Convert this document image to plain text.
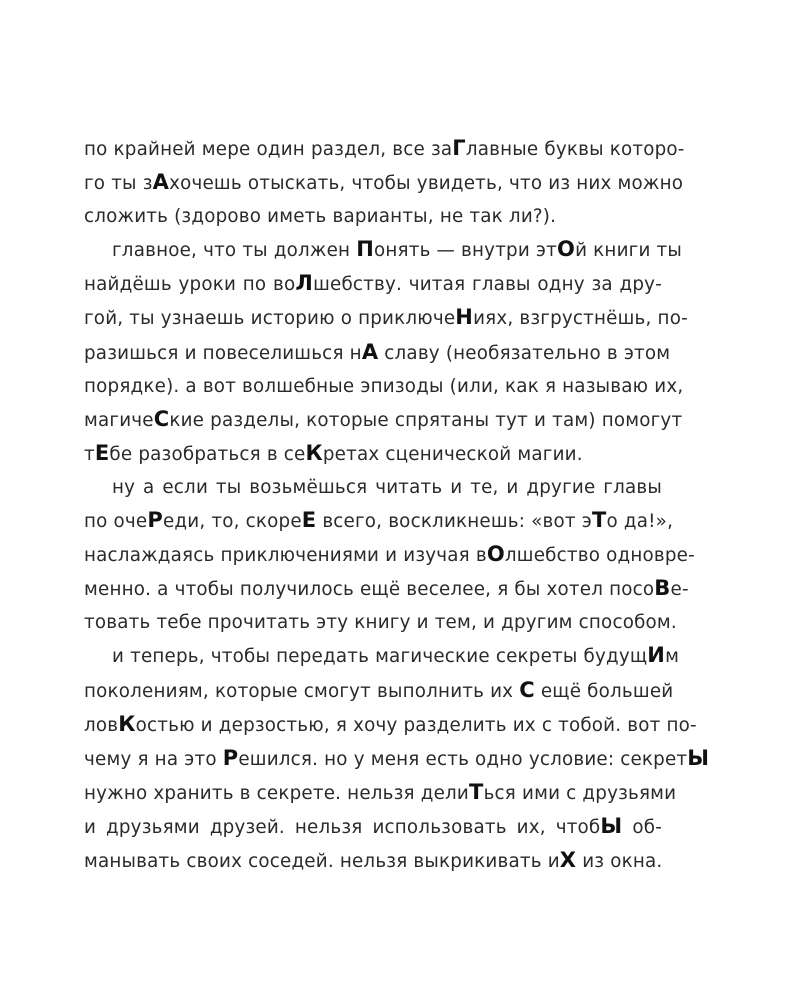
по крайней мере один раздел, все заГлавные буквы которо-
го ты зАхочешь отыскать, чтобы увидеть, что из них можно
сложить (здорово иметь варианты, не так ли?).

главное, что ты должен Понять — внутри этОй книги ты
найдёшь уроки по воЛшебству. читая главы одну за дру-
гой, ты узнаешь историю о приключеНиях, взгрустнёшь, по-
разишься и повеселишься нА славу (необязательно в этом
порядке). а вот волшебные эпизоды (или, как я называю их,
магичеСкие разделы, которые спрятаны тут и там) помогут
тЕбе разобраться в сеКретах сценической магии.

ну а если ты возьмёшься читать и те, и другие главы
по очеРеди, то, скореЕ всего, воскликнешь: «вот эТо да!»,
наслаждаясь приключениями и изучая вОлшебство одновре-
менно. а чтобы получилось ещё веселее, я бы хотел посоВе-
товать тебе прочитать эту книгу и тем, и другим способом.

и теперь, чтобы передать магические секреты будущИм
поколениям, которые смогут выполнить их С ещё большей
ловКостью и дерзостью, я хочу разделить их с тобой. вот по-
чему я на это Решился. но у меня есть одно условие: секретЫ
нужно хранить в секрете. нельзя делиТься ими с друзьями
и друзьями друзей. нельзя использовать их, чтобЫ об-
манывать своих соседей. нельзя выкрикивать иХ из окна.
